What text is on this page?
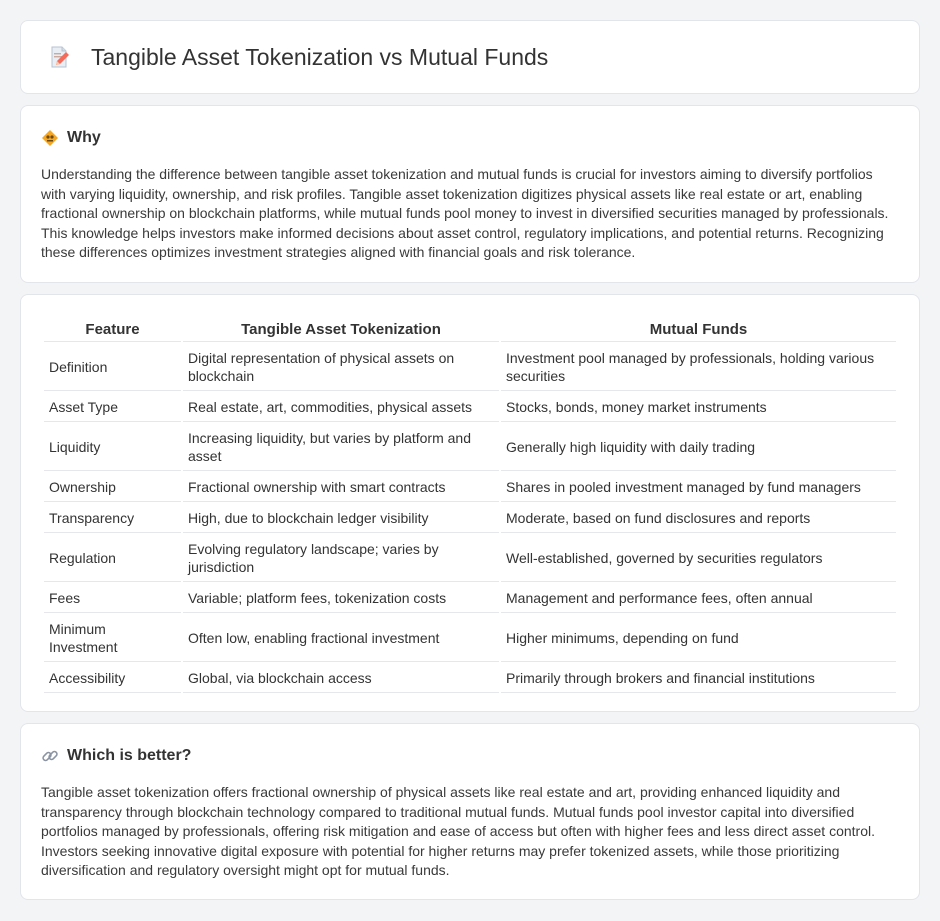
Tangible Asset Tokenization vs Mutual Funds
Why

Understanding the difference between tangible asset tokenization and mutual funds is crucial for investors aiming to diversify portfolios with varying liquidity, ownership, and risk profiles. Tangible asset tokenization digitizes physical assets like real estate or art, enabling fractional ownership on blockchain platforms, while mutual funds pool money to invest in diversified securities managed by professionals. This knowledge helps investors make informed decisions about asset control, regulatory implications, and potential returns. Recognizing these differences optimizes investment strategies aligned with financial goals and risk tolerance.

Feature	Tangible Asset Tokenization	Mutual Funds
Definition	Digital representation of physical assets on blockchain	Investment pool managed by professionals, holding various securities
Asset Type	Real estate, art, commodities, physical assets	Stocks, bonds, money market instruments
Liquidity	Increasing liquidity, but varies by platform and asset	Generally high liquidity with daily trading
Ownership	Fractional ownership with smart contracts	Shares in pooled investment managed by fund managers
Transparency	High, due to blockchain ledger visibility	Moderate, based on fund disclosures and reports
Regulation	Evolving regulatory landscape; varies by jurisdiction	Well-established, governed by securities regulators
Fees	Variable; platform fees, tokenization costs	Management and performance fees, often annual
Minimum Investment	Often low, enabling fractional investment	Higher minimums, depending on fund
Accessibility	Global, via blockchain access	Primarily through brokers and financial institutions
Which is better?

Tangible asset tokenization offers fractional ownership of physical assets like real estate and art, providing enhanced liquidity and transparency through blockchain technology compared to traditional mutual funds. Mutual funds pool investor capital into diversified portfolios managed by professionals, offering risk mitigation and ease of access but often with higher fees and less direct asset control. Investors seeking innovative digital exposure with potential for higher returns may prefer tokenized assets, while those prioritizing diversification and regulatory oversight might opt for mutual funds.
